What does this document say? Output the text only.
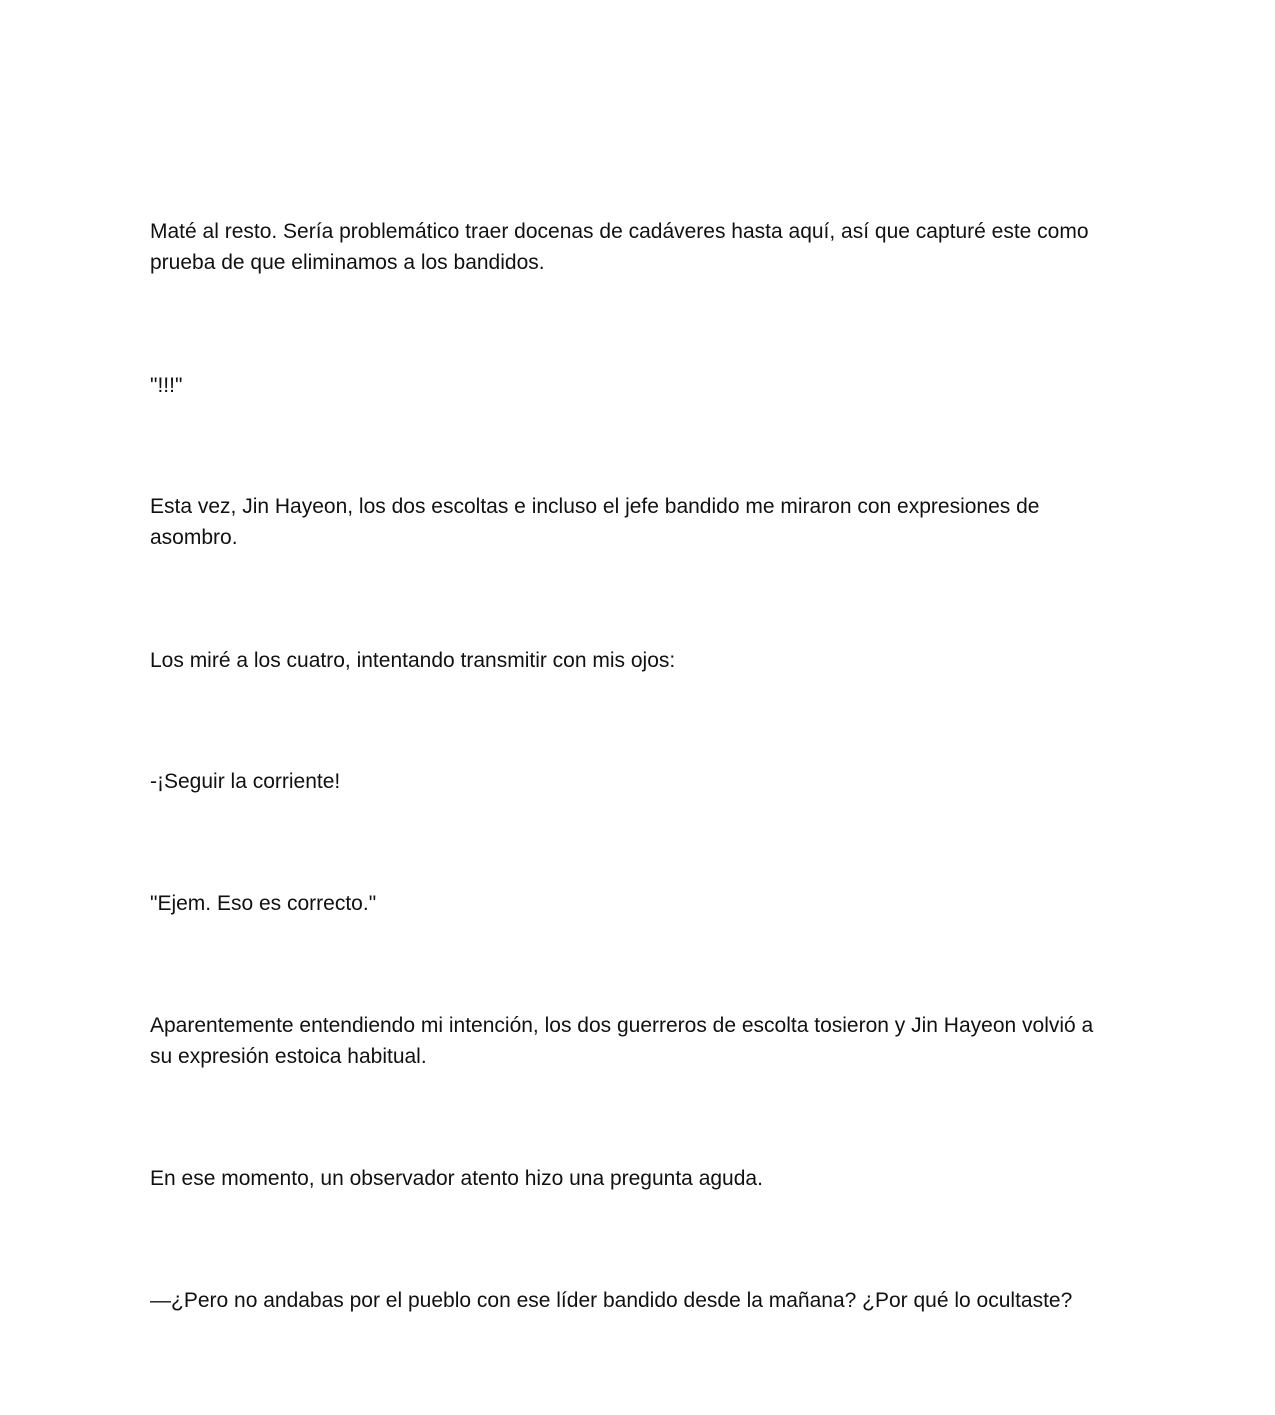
Maté al resto. Sería problemático traer docenas de cadáveres hasta aquí, así que capturé este como prueba de que eliminamos a los bandidos.

"!!!"

Esta vez, Jin Hayeon, los dos escoltas e incluso el jefe bandido me miraron con expresiones de asombro.

Los miré a los cuatro, intentando transmitir con mis ojos:

-¡Seguir la corriente!

"Ejem. Eso es correcto."

Aparentemente entendiendo mi intención, los dos guerreros de escolta tosieron y Jin Hayeon volvió a su expresión estoica habitual.

En ese momento, un observador atento hizo una pregunta aguda.

—¿Pero no andabas por el pueblo con ese líder bandido desde la mañana? ¿Por qué lo ocultaste?
